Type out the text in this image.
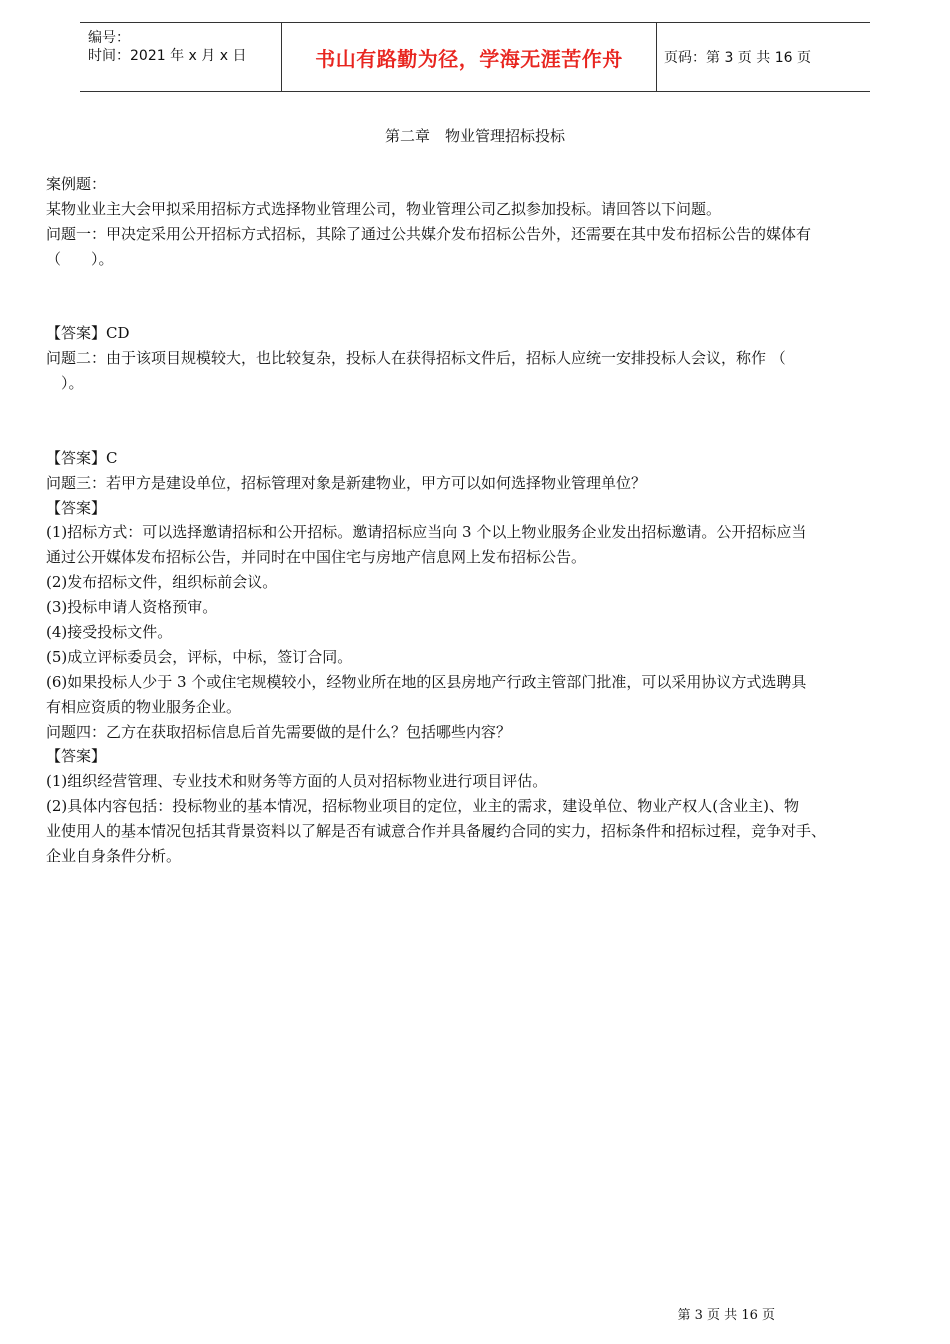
编号：
时间：2021 年 x 月 x 日	书山有路勤为径，学海无涯苦作舟	页码：第 3 页 共 16 页
第二章　物业管理招标投标
案例题：
某物业业主大会甲拟采用招标方式选择物业管理公司，物业管理公司乙拟参加投标。请回答以下问题。
问题一：甲决定采用公开招标方式招标，其除了通过公共媒介发布招标公告外，还需要在其中发布招标公告的媒体有
（　　）。

【答案】CD
问题二：由于该项目规模较大，也比较复杂，投标人在获得招标文件后，招标人应统一安排投标人会议，称作 （
　）。

【答案】C
问题三：若甲方是建设单位，招标管理对象是新建物业，甲方可以如何选择物业管理单位？
【答案】
(1)招标方式：可以选择邀请招标和公开招标。邀请招标应当向 3 个以上物业服务企业发出招标邀请。公开招标应当
通过公开媒体发布招标公告，并同时在中国住宅与房地产信息网上发布招标公告。
(2)发布招标文件，组织标前会议。
(3)投标申请人资格预审。
(4)接受投标文件。
(5)成立评标委员会，评标，中标，签订合同。
(6)如果投标人少于 3 个或住宅规模较小，经物业所在地的区县房地产行政主管部门批准，可以采用协议方式选聘具
有相应资质的物业服务企业。
问题四：乙方在获取招标信息后首先需要做的是什么？包括哪些内容？
【答案】
(1)组织经营管理、专业技术和财务等方面的人员对招标物业进行项目评估。
(2)具体内容包括：投标物业的基本情况，招标物业项目的定位，业主的需求，建设单位、物业产权人(含业主)、物
业使用人的基本情况包括其背景资料以了解是否有诚意合作并具备履约合同的实力，招标条件和招标过程，竞争对手、
企业自身条件分析。
第 3 页 共 16 页
